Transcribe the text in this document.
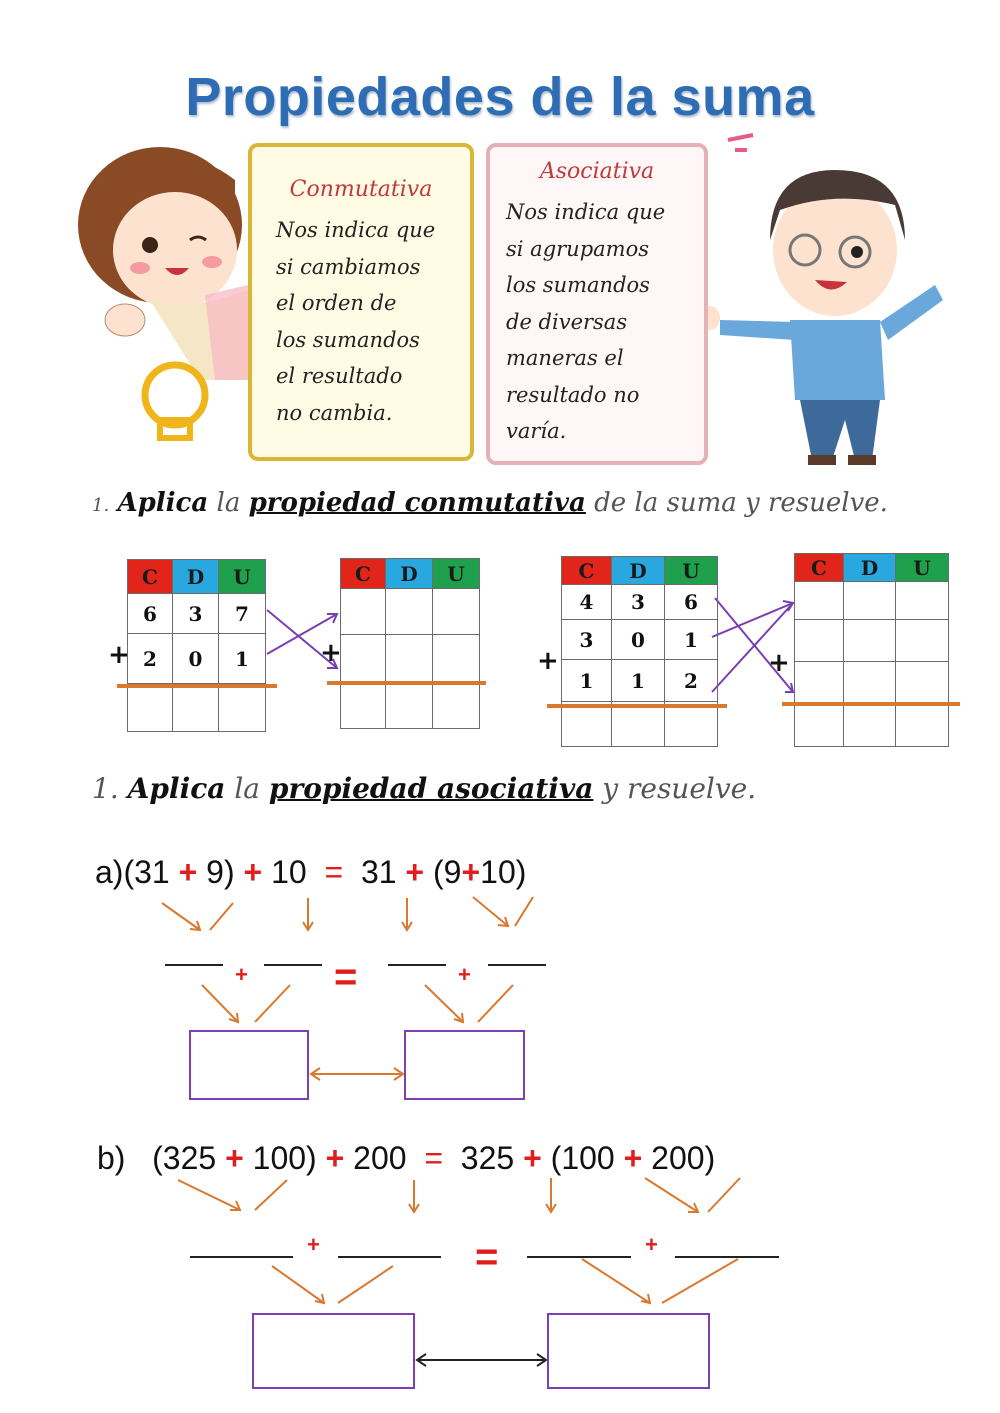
Propiedades de la suma
Conmutativa
Nos indica que
si cambiamos
el orden de
los sumandos
el resultado
no cambia.
Asociativa
Nos indica que
si agrupamos
los sumandos
de diversas
maneras el
resultado no
varía.
1. Aplica la propiedad conmutativa de la suma y resuelve.
C	D	U
6	3	7
2	0	1

+
C	D	U

+
C	D	U
4	3	6
3	0	1
1	1	2

+
C	D	U

+
1. Aplica la propiedad asociativa y resuelve.
a)(31 + 9) + 10 = 31 + (9+10)
+ =	+
b) (325 + 100) + 200 = 325 + (100 + 200)
+	=	+
